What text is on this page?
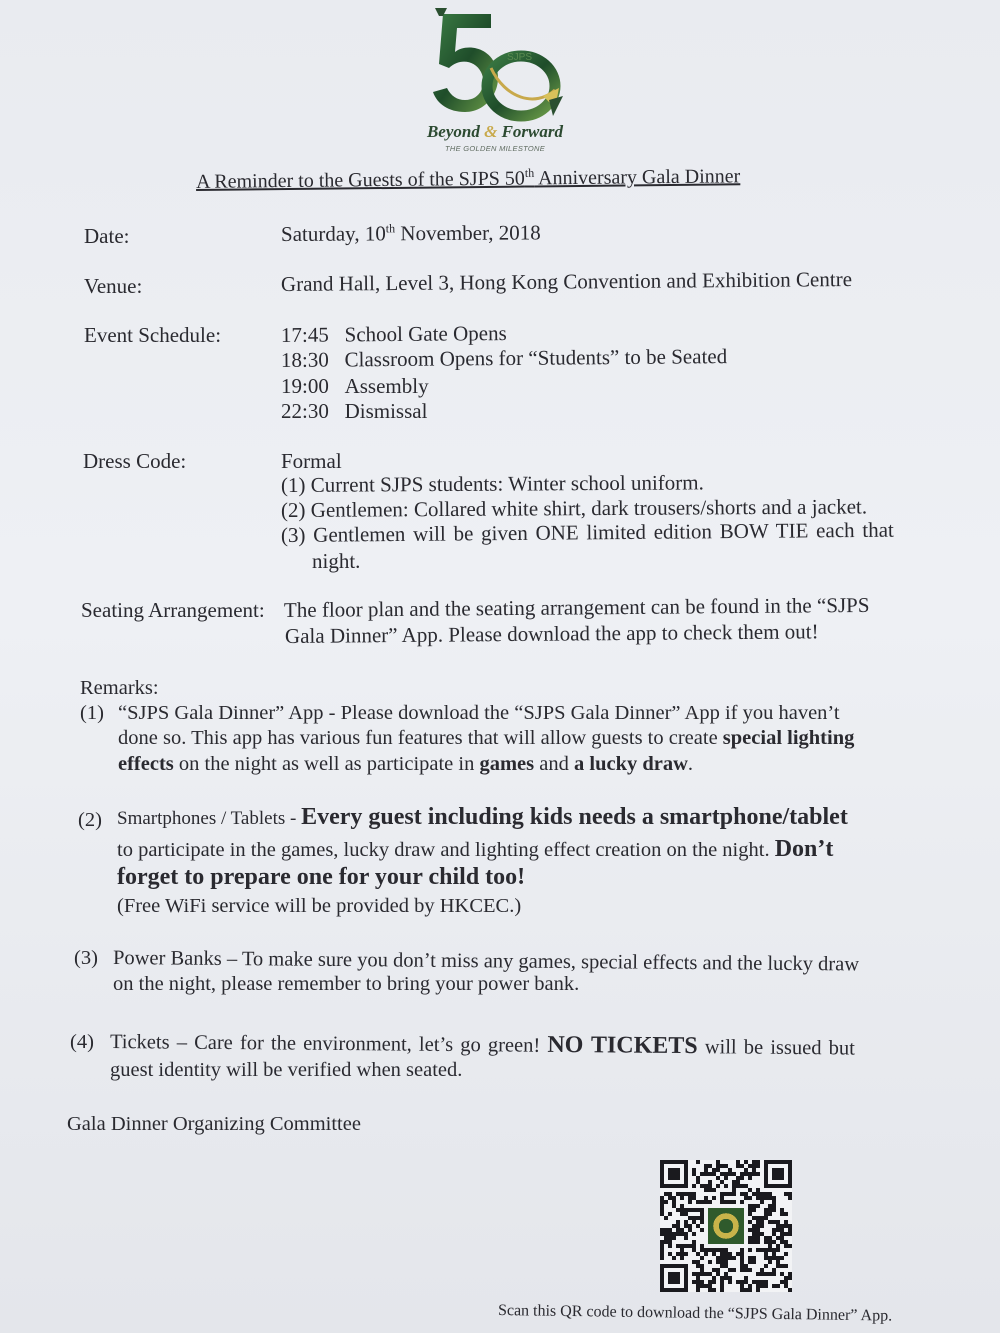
SJPS
Beyond & Forward
THE GOLDEN MILESTONE
A Reminder to the Guests of the SJPS 50th Anniversary Gala Dinner
Date:	Saturday, 10th November, 2018
Venue:	Grand Hall, Level 3, Hong Kong Convention and Exhibition Centre
Event Schedule:	17:45 School Gate Opens
18:30 Classroom Opens for “Students” to be Seated
19:00 Assembly
22:30 Dismissal
Dress Code:	Formal
(1) Current SJPS students: Winter school uniform.
(2) Gentlemen: Collared white shirt, dark trousers/shorts and a jacket.
(3) Gentlemen will be given ONE limited edition BOW TIE each that
night.
Seating Arrangement: The floor plan and the seating arrangement can be found in the “SJPS
Gala Dinner” App. Please download the app to check them out!
Remarks:
(1) “SJPS Gala Dinner” App - Please download the “SJPS Gala Dinner” App if you haven’t
done so. This app has various fun features that will allow guests to create special lighting
effects on the night as well as participate in games and a lucky draw.
(2) Smartphones / Tablets - Every guest including kids needs a smartphone/tablet
to participate in the games, lucky draw and lighting effect creation on the night. Don’t
forget to prepare one for your child too!
(Free WiFi service will be provided by HKCEC.)
(3) Power Banks – To make sure you don’t miss any games, special effects and the lucky draw
on the night, please remember to bring your power bank.
(4) Tickets – Care for the environment, let’s go green! NO TICKETS will be issued but
guest identity will be verified when seated.
Gala Dinner Organizing Committee
Scan this QR code to download the “SJPS Gala Dinner” App.
